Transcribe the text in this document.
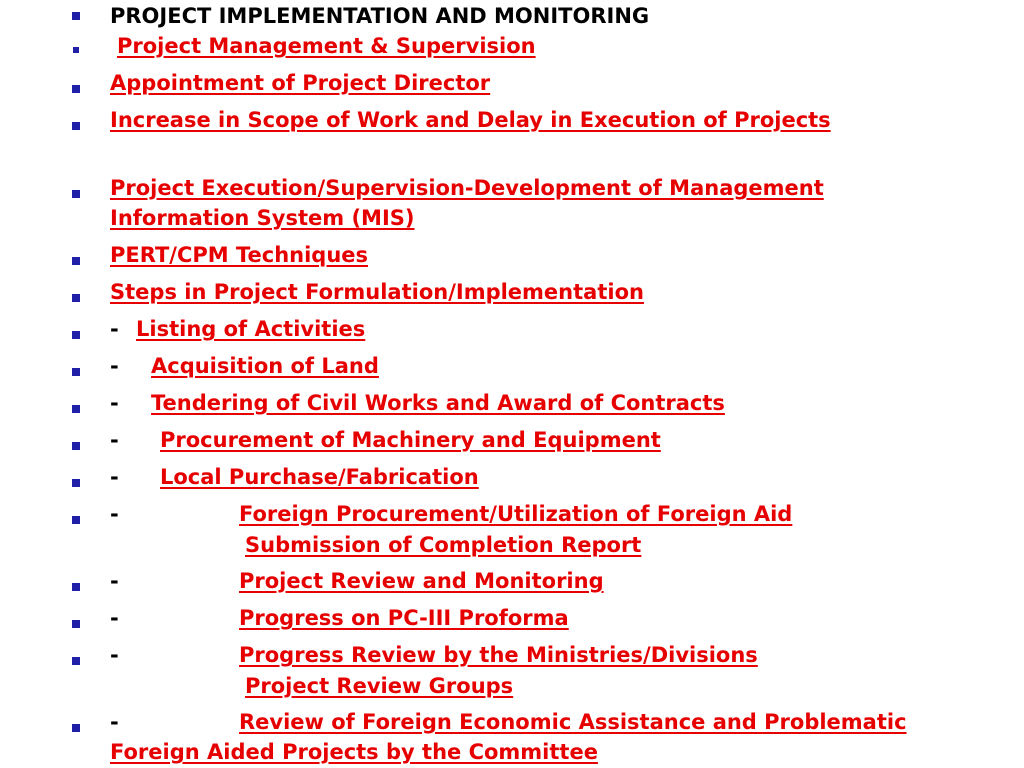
PROJECT IMPLEMENTATION AND MONITORING
Project Management & Supervision
Appointment of Project Director
Increase in Scope of Work and Delay in Execution of Projects
Project Execution/Supervision-Development of Management
Information System (MIS)
PERT/CPM Techniques
Steps in Project Formulation/Implementation
- Listing of Activities
- Acquisition of Land
- Tendering of Civil Works and Award of Contracts
- Procurement of Machinery and Equipment
- Local Purchase/Fabrication
-	Foreign Procurement/Utilization of Foreign Aid
Submission of Completion Report
-	Project Review and Monitoring
-	Progress on PC-III Proforma
-	Progress Review by the Ministries/Divisions
Project Review Groups
-	Review of Foreign Economic Assistance and Problematic
Foreign Aided Projects by the Committee
